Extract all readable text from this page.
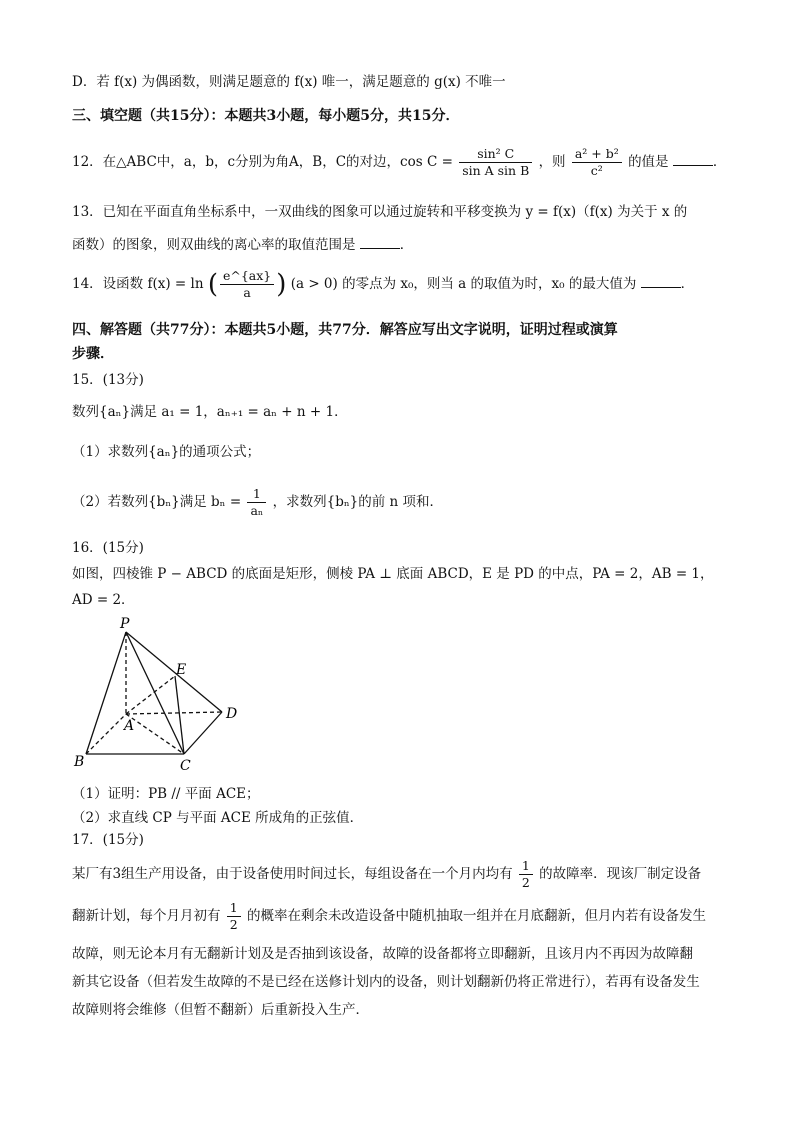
D．若 f(x) 为偶函数，则满足题意的 f(x) 唯一，满足题意的 g(x) 不唯一
三、填空题（共15分）：本题共3小题，每小题5分，共15分．
12．在△ABC中，a，b，c分别为角A，B，C的对边，$\cos C = \frac{\text{sin² C}}{\text{sin A sin B}}$ ，则 $\frac{\text{a² + b²}}{\text{c²}}$ 的值是	．
13．已知在平面直角坐标系中，一双曲线的图象可以通过旋转和平移变换为 y = f(x)（f(x) 为关于 x 的
函数）的图象，则双曲线的离心率的取值范围是	．
14．设函数 f(x) = ln ( $\frac{e\^{}\{ax\}}{a}$ ) (a > 0) 的零点为 x₀，则当 a 的取值为时，x₀ 的最大值为	．
四、解答题（共77分）：本题共5小题，共77分．解答应写出文字说明，证明过程或演算
步骤．
15．(13分)
数列{aₙ}满足 a₁ = 1，aₙ₊₁ = aₙ + n + 1．
（1）求数列{aₙ}的通项公式；
（2）若数列{bₙ}满足 $b_n = \frac{1}{\text{aₙ}}$ ，求数列{bₙ}的前 n 项和．
16．(15分)
如图，四棱锥 P − ABCD 的底面是矩形，侧棱 PA ⊥ 底面 ABCD，E 是 PD 的中点，PA = 2，AB = 1，
AD = 2．
P
E
A
D
B	C
（1）证明：PB // 平面 ACE；
（2）求直线 CP 与平面 ACE 所成角的正弦值．
17．(15分)
某厂有3组生产用设备，由于设备使用时间过长，每组设备在一个月内均有 $\frac{1}{2}$ 的故障率．现该厂制定设备
翻新计划，每个月月初有 $\frac{1}{2}$ 的概率在剩余未改造设备中随机抽取一组并在月底翻新，但月内若有设备发生
故障，则无论本月有无翻新计划及是否抽到该设备，故障的设备都将立即翻新，且该月内不再因为故障翻
新其它设备（但若发生故障的不是已经在送修计划内的设备，则计划翻新仍将正常进行），若再有设备发生
故障则将会维修（但暂不翻新）后重新投入生产．
